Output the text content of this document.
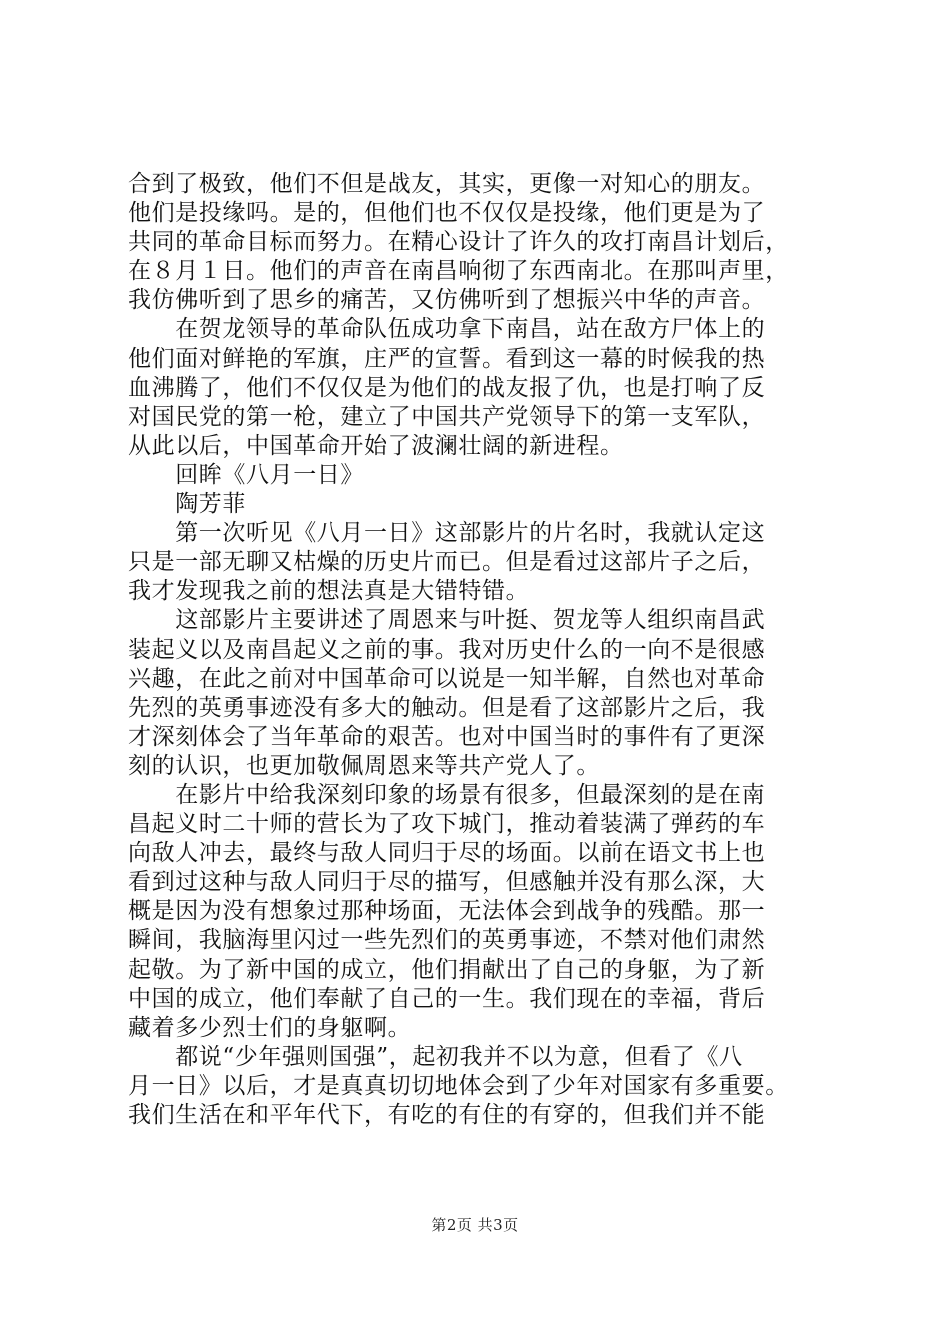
合到了极致，他们不但是战友，其实，更像一对知心的朋友。
他们是投缘吗。是的，但他们也不仅仅是投缘，他们更是为了
共同的革命目标而努力。在精心设计了许久的攻打南昌计划后，
在８月１日。他们的声音在南昌响彻了东西南北。在那叫声里，
我仿佛听到了思乡的痛苦，又仿佛听到了想振兴中华的声音。
　　在贺龙领导的革命队伍成功拿下南昌，站在敌方尸体上的
他们面对鲜艳的军旗，庄严的宣誓。看到这一幕的时候我的热
血沸腾了，他们不仅仅是为他们的战友报了仇，也是打响了反
对国民党的第一枪，建立了中国共产党领导下的第一支军队，
从此以后，中国革命开始了波澜壮阔的新进程。
　　回眸《八月一日》
　　陶芳菲
　　第一次听见《八月一日》这部影片的片名时，我就认定这
只是一部无聊又枯燥的历史片而已。但是看过这部片子之后，
我才发现我之前的想法真是大错特错。
　　这部影片主要讲述了周恩来与叶挺、贺龙等人组织南昌武
装起义以及南昌起义之前的事。我对历史什么的一向不是很感
兴趣，在此之前对中国革命可以说是一知半解，自然也对革命
先烈的英勇事迹没有多大的触动。但是看了这部影片之后，我
才深刻体会了当年革命的艰苦。也对中国当时的事件有了更深
刻的认识，也更加敬佩周恩来等共产党人了。
　　在影片中给我深刻印象的场景有很多，但最深刻的是在南
昌起义时二十师的营长为了攻下城门，推动着装满了弹药的车
向敌人冲去，最终与敌人同归于尽的场面。以前在语文书上也
看到过这种与敌人同归于尽的描写，但感触并没有那么深，大
概是因为没有想象过那种场面，无法体会到战争的残酷。那一
瞬间，我脑海里闪过一些先烈们的英勇事迹，不禁对他们肃然
起敬。为了新中国的成立，他们捐献出了自己的身躯，为了新
中国的成立，他们奉献了自己的一生。我们现在的幸福，背后
藏着多少烈士们的身躯啊。
　　都说“少年强则国强”，起初我并不以为意，但看了《八
月一日》以后，才是真真切切地体会到了少年对国家有多重要。
我们生活在和平年代下，有吃的有住的有穿的，但我们并不能
第2页 共3页
